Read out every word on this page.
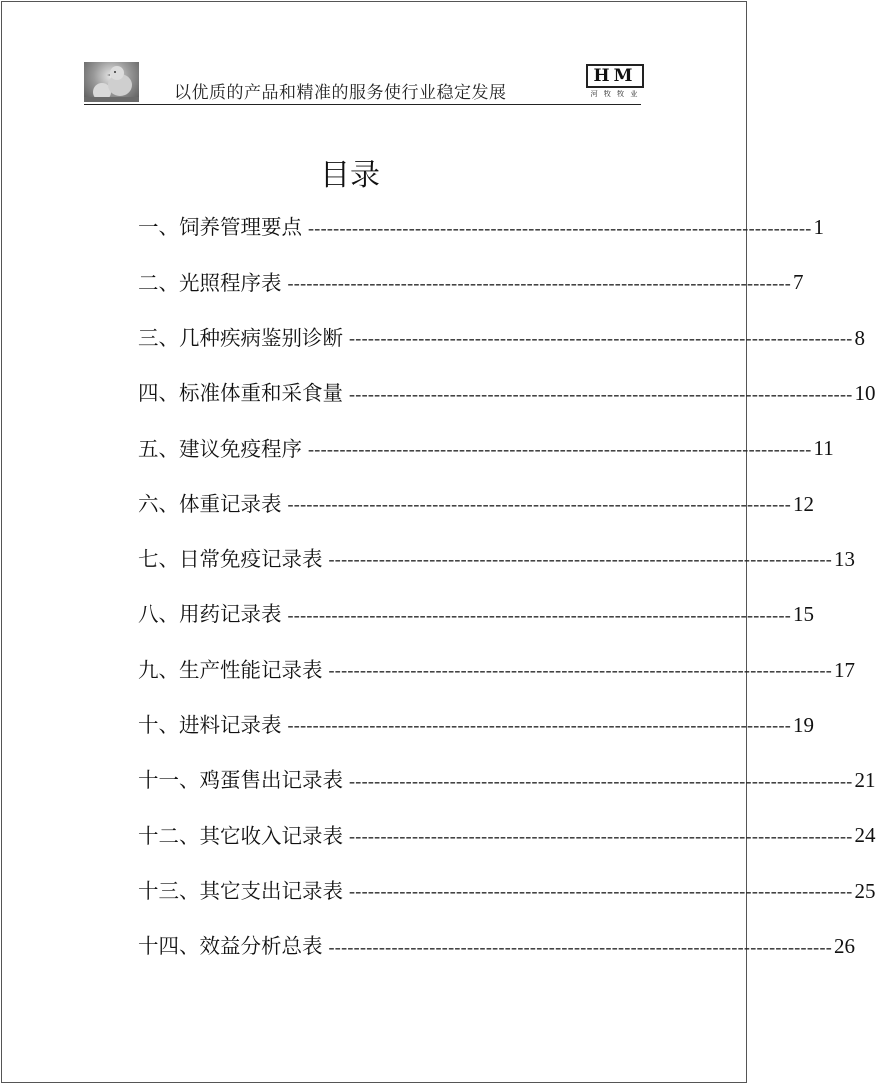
以优质的产品和精准的服务使行业稳定发展
HM
河 牧 牧 业
目录
一、饲养管理要点 -------------------------------------------------------------------------------- 1
二、光照程序表 -------------------------------------------------------------------------------- 7
三、几种疾病鉴别诊断 -------------------------------------------------------------------------------- 8
四、标准体重和采食量 -------------------------------------------------------------------------------- 10
五、建议免疫程序 -------------------------------------------------------------------------------- 11
六、体重记录表 -------------------------------------------------------------------------------- 12
七、日常免疫记录表 -------------------------------------------------------------------------------- 13
八、用药记录表 -------------------------------------------------------------------------------- 15
九、生产性能记录表 -------------------------------------------------------------------------------- 17
十、进料记录表 -------------------------------------------------------------------------------- 19
十一、鸡蛋售出记录表 -------------------------------------------------------------------------------- 21
十二、其它收入记录表 -------------------------------------------------------------------------------- 24
十三、其它支出记录表 -------------------------------------------------------------------------------- 25
十四、效益分析总表 -------------------------------------------------------------------------------- 26
